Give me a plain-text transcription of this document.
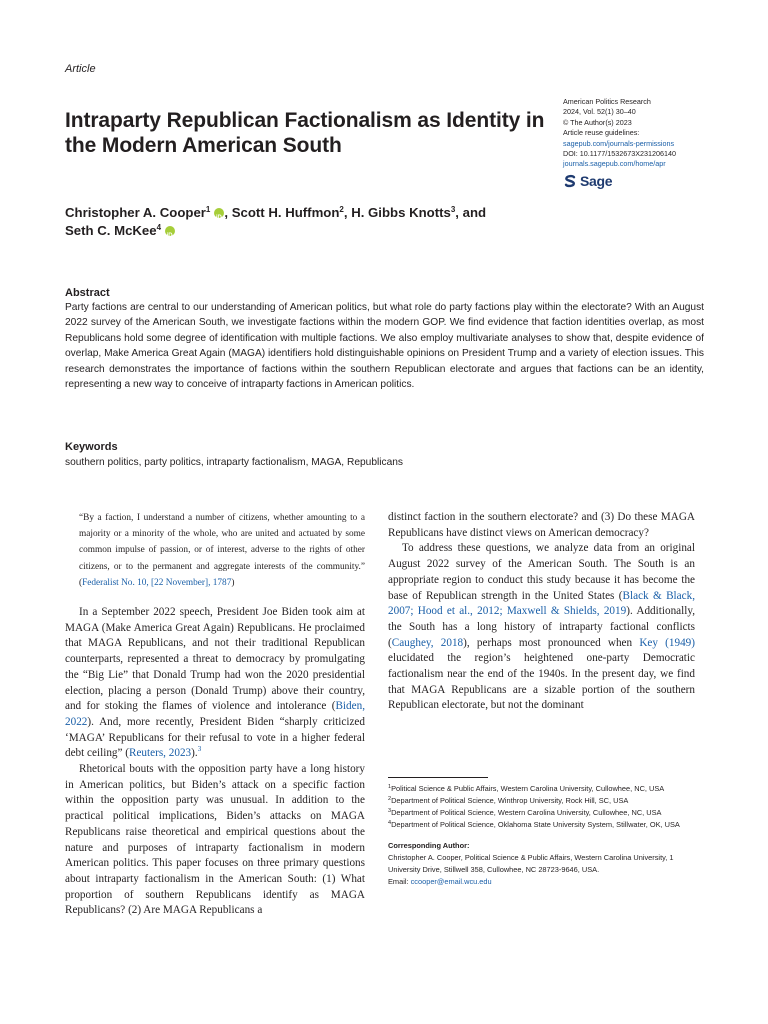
Article
Intraparty Republican Factionalism as Identity in the Modern American South
American Politics Research
2024, Vol. 52(1) 30–40
© The Author(s) 2023
Article reuse guidelines:
sagepub.com/journals-permissions
DOI: 10.1177/1532673X231206140
journals.sagepub.com/home/apr
Sage
Christopher A. Cooper$^1$iD , Scott H. Huffmon$^2$, H. Gibbs Knotts$^3$, and
Seth C. McKee$^4$iD
Abstract
Party factions are central to our understanding of American politics, but what role do party factions play within the electorate? With an August 2022 survey of the American South, we investigate factions within the modern GOP. We find evidence that faction identities overlap, as most Republicans hold some degree of identification with multiple factions. We also employ multivariate analyses to show that, despite evidence of overlap, Make America Great Again (MAGA) identifiers hold distinguishable opinions on President Trump and a variety of election issues. This research demonstrates the importance of factions within the southern Republican electorate and argues that factions can be an identity, representing a new way to conceive of intraparty factions in American politics.
Keywords
southern politics, party politics, intraparty factionalism, MAGA, Republicans
“By a faction, I understand a number of citizens, whether amounting to a majority or a minority of the whole, who are united and actuated by some common impulse of passion, or of interest, adverse to the rights of other citizens, or to the permanent and aggregate interests of the community.” (Federalist No. 10, [22 November], 1787)

In a September 2022 speech, President Joe Biden took aim at MAGA (Make America Great Again) Republicans. He proclaimed that MAGA Republicans, and not their traditional Republican counterparts, represented a threat to democracy by promulgating the “Big Lie” that Donald Trump had won the 2020 presidential election, placing a person (Donald Trump) above their country, and for stoking the flames of violence and intolerance (Biden, 2022). And, more recently, President Biden “sharply criticized ‘MAGA’ Republicans for their refusal to vote in a higher federal debt ceiling” (Reuters, 2023).$^3$

Rhetorical bouts with the opposition party have a long history in American politics, but Biden’s attack on a specific faction within the opposition party was unusual. In addition to the practical political implications, Biden’s attacks on MAGA Republicans raise theoretical and empirical questions about the nature and purposes of intraparty factionalism in modern American politics. This paper focuses on three primary questions about intraparty factionalism in the American South: (1) What proportion of southern Republicans identify as MAGA Republicans? (2) Are MAGA Republicans a

distinct faction in the southern electorate? and (3) Do these MAGA Republicans have distinct views on American democracy?

To address these questions, we analyze data from an original August 2022 survey of the American South. The South is an appropriate region to conduct this study because it has become the base of Republican strength in the United States (Black & Black, 2007; Hood et al., 2012; Maxwell & Shields, 2019). Additionally, the South has a long history of intraparty factional conflicts (Caughey, 2018), perhaps most pronounced when Key (1949) elucidated the region’s heightened one-party Democratic factionalism near the end of the 1940s. In the present day, we find that MAGA Republicans are a sizable portion of the southern Republican electorate, but not the dominant

$^1$Political Science & Public Affairs, Western Carolina University, Cullowhee, NC, USA
$^2$Department of Political Science, Winthrop University, Rock Hill, SC, USA
$^3$Department of Political Science, Western Carolina University, Cullowhee, NC, USA
$^4$Department of Political Science, Oklahoma State University System, Stillwater, OK, USA
Corresponding Author:
Christopher A. Cooper, Political Science & Public Affairs, Western Carolina University, 1 University Drive, Stillwell 358, Cullowhee, NC 28723-9646, USA.
Email: ccooper@email.wcu.edu
